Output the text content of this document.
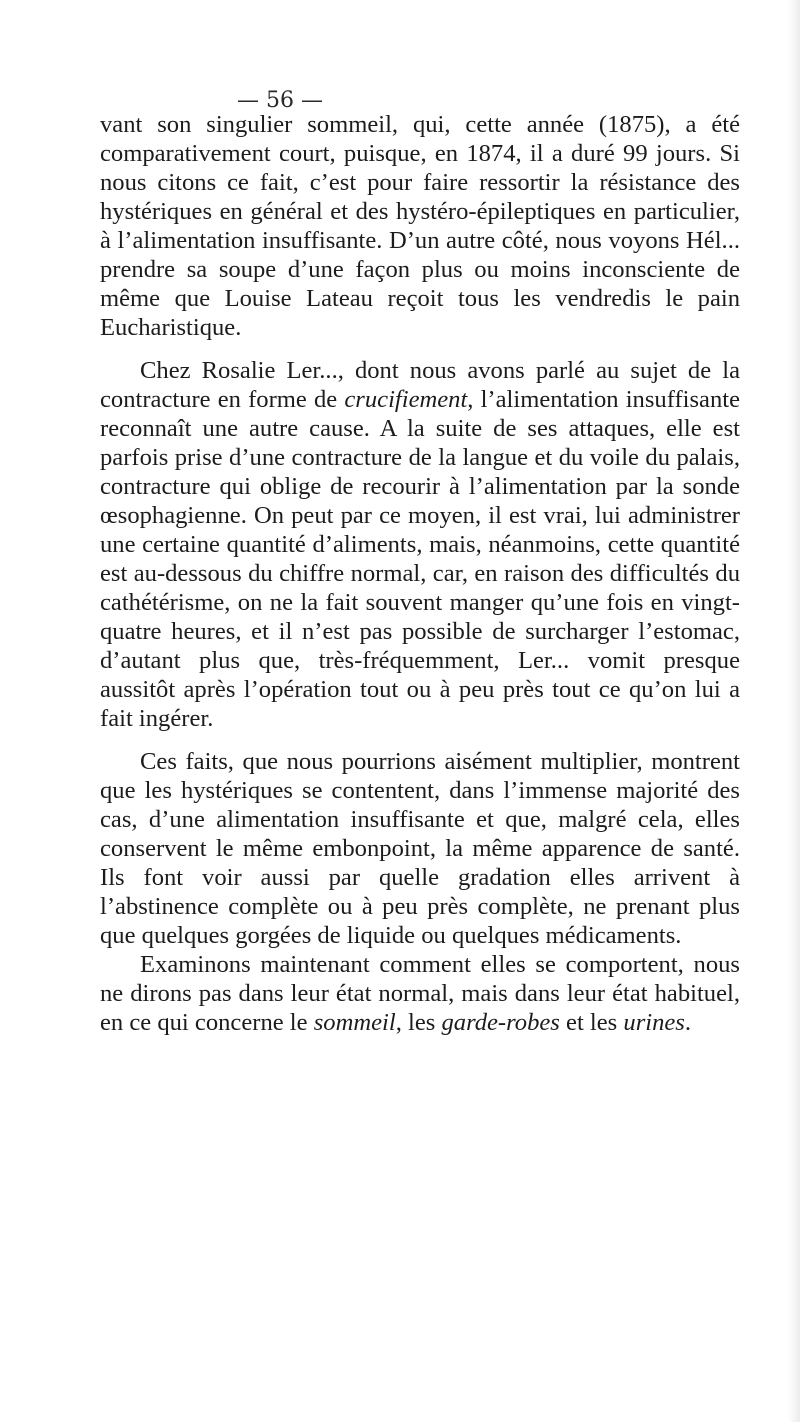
— 56 —

vant son singulier sommeil, qui, cette année (1875), a été comparativement court, puisque, en 1874, il a duré 99 jours. Si nous citons ce fait, c’est pour faire ressortir la résistance des hystériques en général et des hystéro-épileptiques en particulier, à l’alimentation insuffisante. D’un autre côté, nous voyons Hél... prendre sa soupe d’une façon plus ou moins inconsciente de même que Louise Lateau reçoit tous les vendredis le pain Eucharistique.

Chez Rosalie Ler..., dont nous avons parlé au sujet de la contracture en forme de crucifiement, l’alimentation insuffisante reconnaît une autre cause. A la suite de ses attaques, elle est parfois prise d’une contracture de la langue et du voile du palais, contracture qui oblige de recourir à l’alimentation par la sonde œsophagienne. On peut par ce moyen, il est vrai, lui administrer une certaine quantité d’aliments, mais, néanmoins, cette quantité est au-dessous du chiffre normal, car, en raison des difficultés du cathétérisme, on ne la fait souvent manger qu’une fois en vingt-quatre heures, et il n’est pas possible de surcharger l’estomac, d’autant plus que, très-fréquemment, Ler... vomit presque aussitôt après l’opération tout ou à peu près tout ce qu’on lui a fait ingérer.

Ces faits, que nous pourrions aisément multiplier, montrent que les hystériques se contentent, dans l’immense majorité des cas, d’une alimentation insuffisante et que, malgré cela, elles conservent le même embonpoint, la même apparence de santé. Ils font voir aussi par quelle gradation elles arrivent à l’abstinence complète ou à peu près complète, ne prenant plus que quelques gorgées de liquide ou quelques médicaments.

Examinons maintenant comment elles se comportent, nous ne dirons pas dans leur état normal, mais dans leur état habituel, en ce qui concerne le sommeil, les garde-robes et les urines.
